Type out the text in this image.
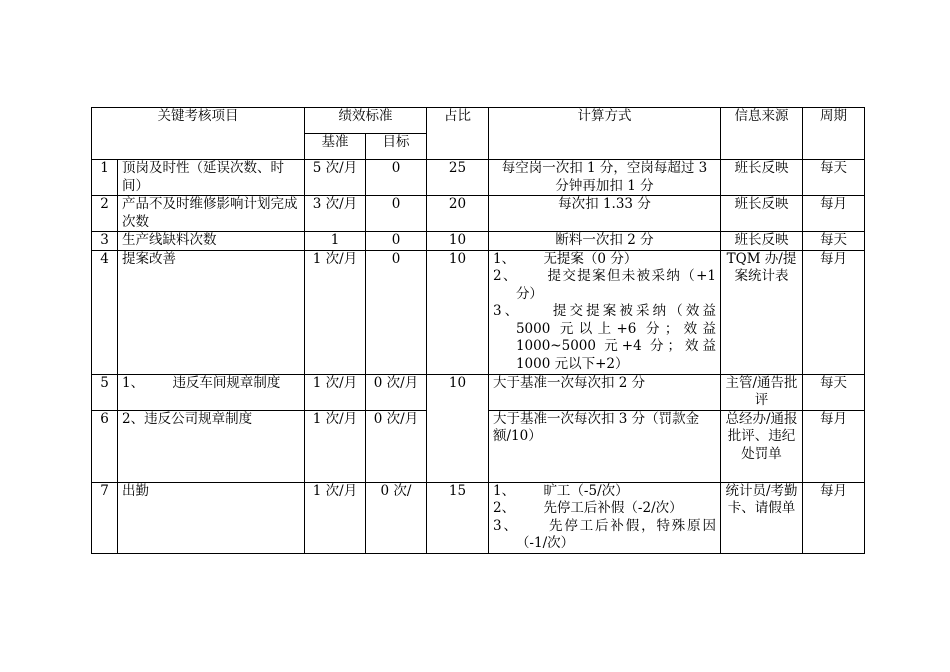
关键考核项目		绩效标准		占比	计算方式	信息来源	周期
		基准	目标				
1	顶岗及时性（延误次数、时间）	5 次/月	0	25	每空岗一次扣 1 分，空岗每超过 3 分钟再加扣 1 分	班长反映	每天
2	产品不及时维修影响计划完成次数	3 次/月	0	20	每次扣 1.33 分	班长反映	每月
3	生产线缺料次数	1	0	10	断料一次扣 2 分	班长反映	每天
4	提案改善	1 次/月	0	10	1、 无提案（0 分）
2、 提交提案但未被采纳（+1 分）
3、 提交提案被采纳（效益 5000 元以上+6 分；效益 1000~5000 元+4 分；效益 1000 元以下+2）	TQM 办/提案统计表	每月
5	1、 违反车间规章制度	1 次/月	0 次/月	10	大于基准一次每次扣 2 分	主管/通告批评	每天
6	2、违反公司规章制度	1 次/月	0 次/月		大于基准一次每次扣 3 分（罚款金额/10）	总经办/通报批评、违纪处罚单	每月
7	出勤	1 次/月	0 次/	15	1、 旷工（-5/次）
2、 先停工后补假（-2/次）
3、 先停工后补假，特殊原因（-1/次）	统计员/考勤卡、请假单	每月
